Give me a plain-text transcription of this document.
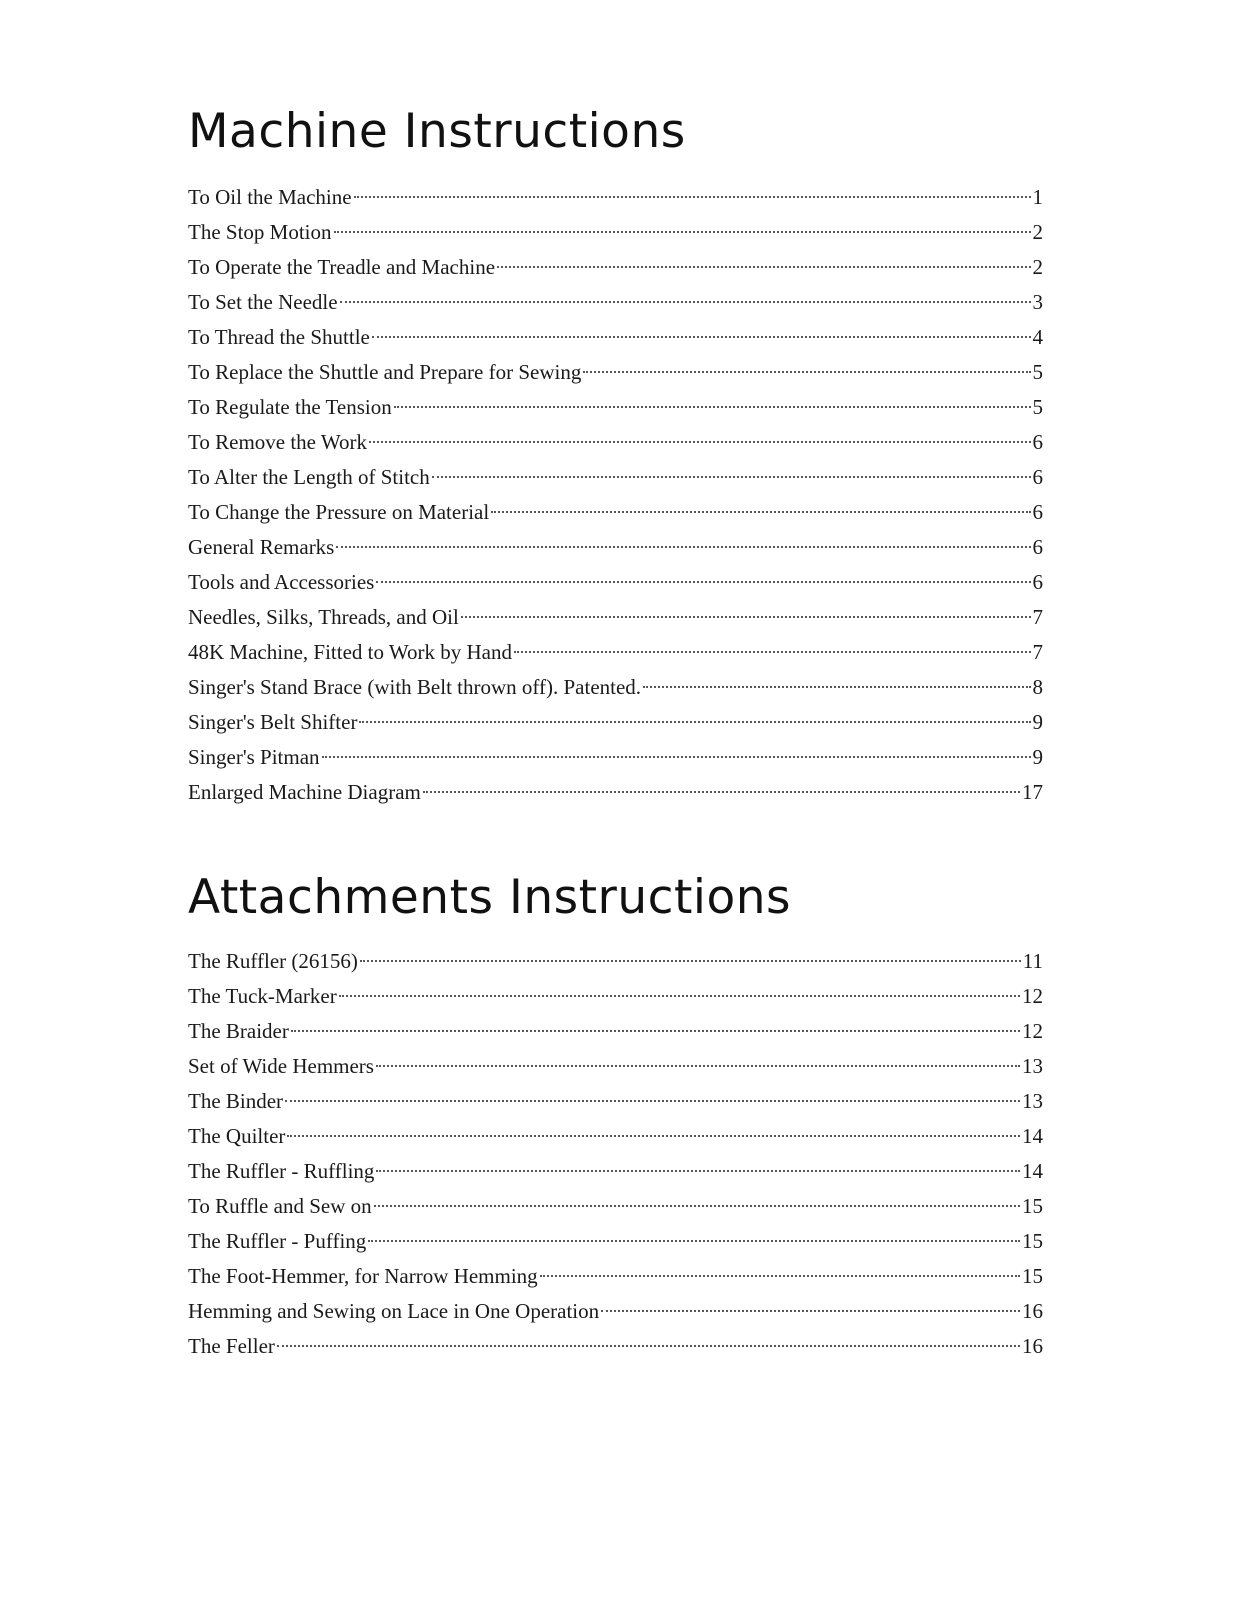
Machine Instructions
To Oil the Machine	1
The Stop Motion	2
To Operate the Treadle and Machine	2
To Set the Needle	3
To Thread the Shuttle	4
To Replace the Shuttle and Prepare for Sewing	5
To Regulate the Tension	5
To Remove the Work	6
To Alter the Length of Stitch	6
To Change the Pressure on Material	6
General Remarks	6
Tools and Accessories	6
Needles, Silks, Threads, and Oil	7
48K Machine, Fitted to Work by Hand	7
Singer's Stand Brace (with Belt thrown off). Patented.	8
Singer's Belt Shifter	9
Singer's Pitman	9
Enlarged Machine Diagram	17
Attachments Instructions
The Ruffler (26156)	11
The Tuck-Marker	12
The Braider	12
Set of Wide Hemmers	13
The Binder	13
The Quilter	14
The Ruffler - Ruffling	14
To Ruffle and Sew on	15
The Ruffler - Puffing	15
The Foot-Hemmer, for Narrow Hemming	15
Hemming and Sewing on Lace in One Operation	16
The Feller	16
